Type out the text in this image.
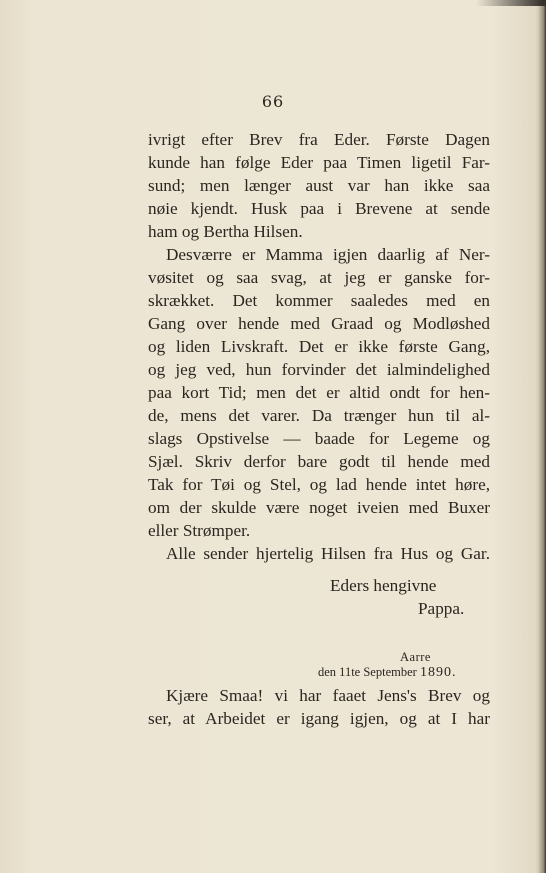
66
ivrigt efter Brev fra Eder. Første Dagen
kunde han følge Eder paa Timen ligetil Far-
sund; men længer aust var han ikke saa
nøie kjendt. Husk paa i Brevene at sende
ham og Bertha Hilsen.
Desværre er Mamma igjen daarlig af Ner-
vøsitet og saa svag, at jeg er ganske for-
skrækket. Det kommer saaledes med en
Gang over hende med Graad og Modløshed
og liden Livskraft. Det er ikke første Gang,
og jeg ved, hun forvinder det ialmindelighed
paa kort Tid; men det er altid ondt for hen-
de, mens det varer. Da trænger hun til al-
slags Opstivelse — baade for Legeme og
Sjæl. Skriv derfor bare godt til hende med
Tak for Tøi og Stel, og lad hende intet høre,
om der skulde være noget iveien med Buxer
eller Strømper.
Alle sender hjertelig Hilsen fra Hus og Gar.
Eders hengivne
Pappa.
Aarre
den 11te September 1890.
Kjære Smaa! vi har faaet Jens's Brev og
ser, at Arbeidet er igang igjen, og at I har
